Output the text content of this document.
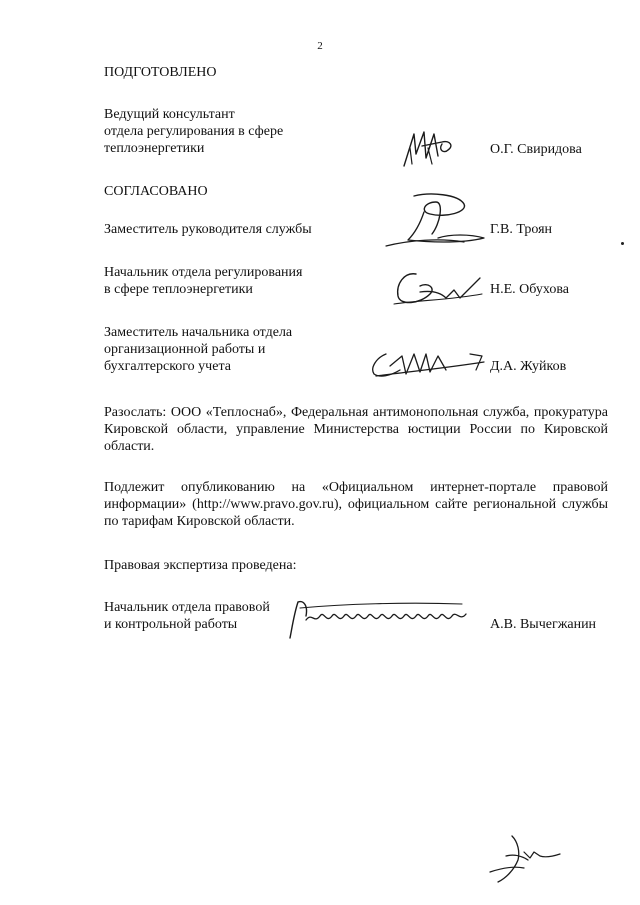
2
ПОДГОТОВЛЕНО
Ведущий консультант
отдела регулирования в сфере
теплоэнергетики	О.Г. Свиридова
СОГЛАСОВАНО
Заместитель руководителя службы	Г.В. Троян
Начальник отдела регулирования
в сфере теплоэнергетики	Н.Е. Обухова
Заместитель начальника отдела
организационной работы и
бухгалтерского учета	Д.А. Жуйков
Разослать: ООО «Теплоснаб», Федеральная антимонопольная служба, прокуратура Кировской области, управление Министерства юстиции России по Кировской области.
Подлежит опубликованию на «Официальном интернет-портале правовой информации» (http://www.pravo.gov.ru), официальном сайте региональной службы по тарифам Кировской области.
Правовая экспертиза проведена:
Начальник отдела правовой
и контрольной работы	А.В. Вычегжанин
